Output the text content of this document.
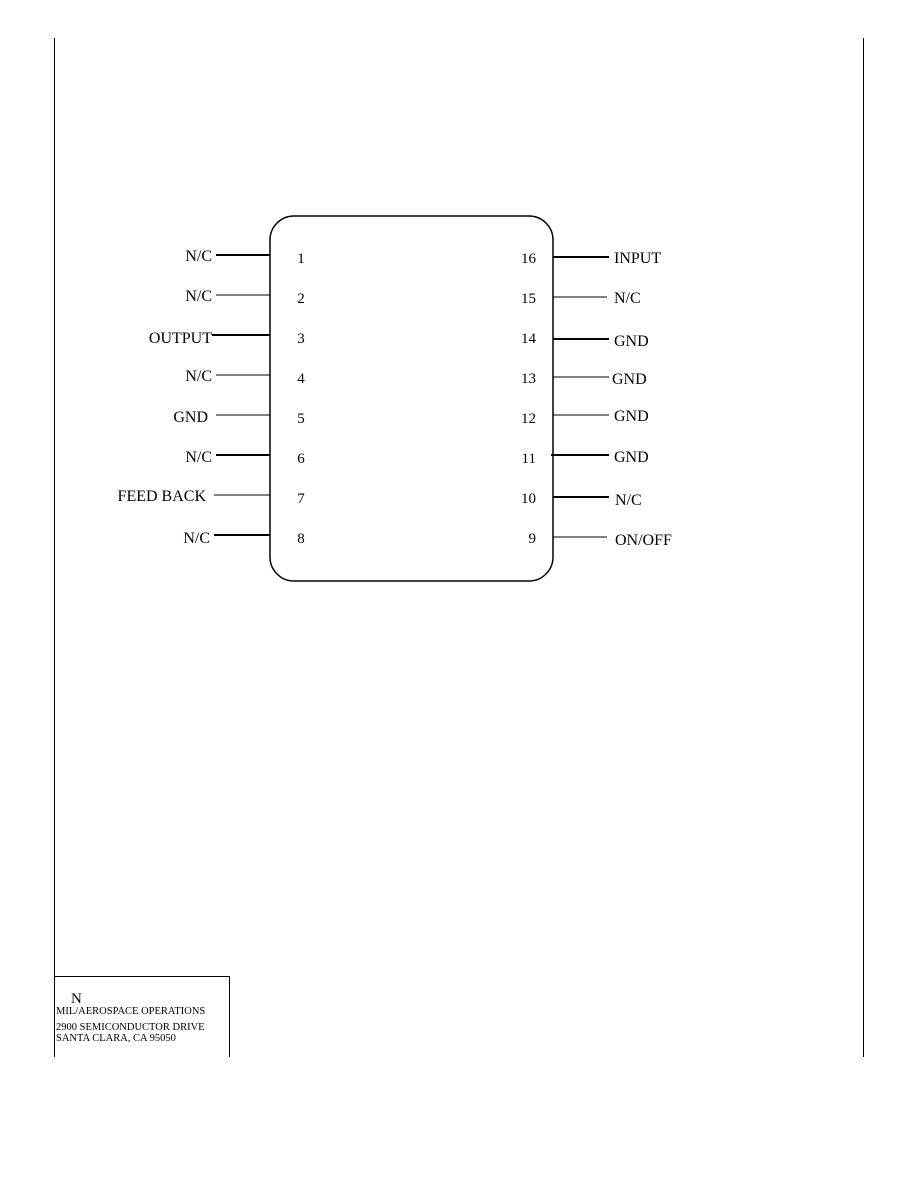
N/C	1
N/C	2
OUTPUT	3
N/C	4
GND	5
N/C	6
FEED BACK	7
N/C	8
INPUT
16
N/C
15
GND
14
GND
13
GND
12
GND
11
N/C
10
ON/OFF
9
N
MIL/AEROSPACE OPERATIONS
2900 SEMICONDUCTOR DRIVE
SANTA CLARA, CA 95050
